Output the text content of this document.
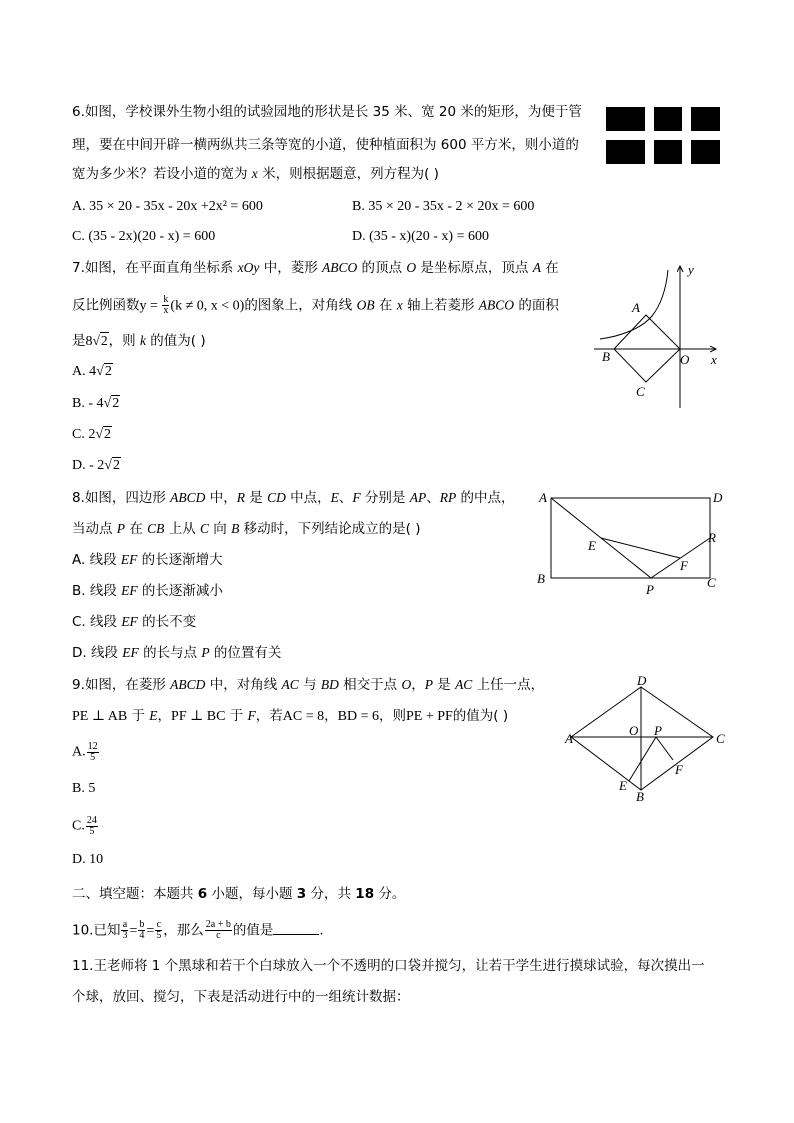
6.如图，学校课外生物小组的试验园地的形状是长 35 米、宽 20 米的矩形，为便于管
理，要在中间开辟一横两纵共三条等宽的小道，使种植面积为 600 平方米，则小道的
宽为多少米？若设小道的宽为 x 米，则根据题意，列方程为( )
A. 35 × 20 - 35x - 20x +2x² = 600	B. 35 × 20 - 35x - 2 × 20x = 600
C. (35 - 2x)(20 - x) = 600	D. (35 - x)(20 - x) = 600
7.如图，在平面直角坐标系 xOy 中，菱形 ABCO 的顶点 O 是坐标原点，顶点 A 在
反比例函数$y = \frac{k}{x} (k \ne 0$, x < 0)的图象上，对角线 OB 在 x 轴上若菱形 ABCO 的面积
是8√2，则 k 的值为( )
A. 4√2
B. - 4√2
C. 2√2
D. - 2√2
A
B
C
O x
y
8.如图，四边形 ABCD 中，R 是 CD 中点，E、F 分别是 AP、RP 的中点，
当动点 P 在 CB 上从 C 向 B 移动时，下列结论成立的是( )
A. 线段 EF 的长逐渐增大
B. 线段 EF 的长逐渐减小
C. 线段 EF 的长不变
D. 线段 EF 的长与点 P 的位置有关
A	D
B	C
E
F
P
R
9.如图，在菱形 ABCD 中，对角线 AC 与 BD 相交于点 O，P 是 AC 上任一点，
PE ⊥ AB 于 E，PF ⊥ BC 于 F，若AC = 8，BD = 6，则PE + PF的值为( )
A. $\frac{12}{5}$
B. 5
C. $\frac{24}{5}$
D. 10
D
A	C
O P
E
F
B
二、填空题：本题共 6 小题，每小题 3 分，共 18 分。
10.已知 $\frac{a}{3} = \frac{b}{4} = \frac{c}{5}$ ，那么 $\frac{2a + b}{c}$ 的值是	.
11.王老师将 1 个黑球和若干个白球放入一个不透明的口袋并搅匀，让若干学生进行摸球试验，每次摸出一
个球，放回、搅匀，下表是活动进行中的一组统计数据：
